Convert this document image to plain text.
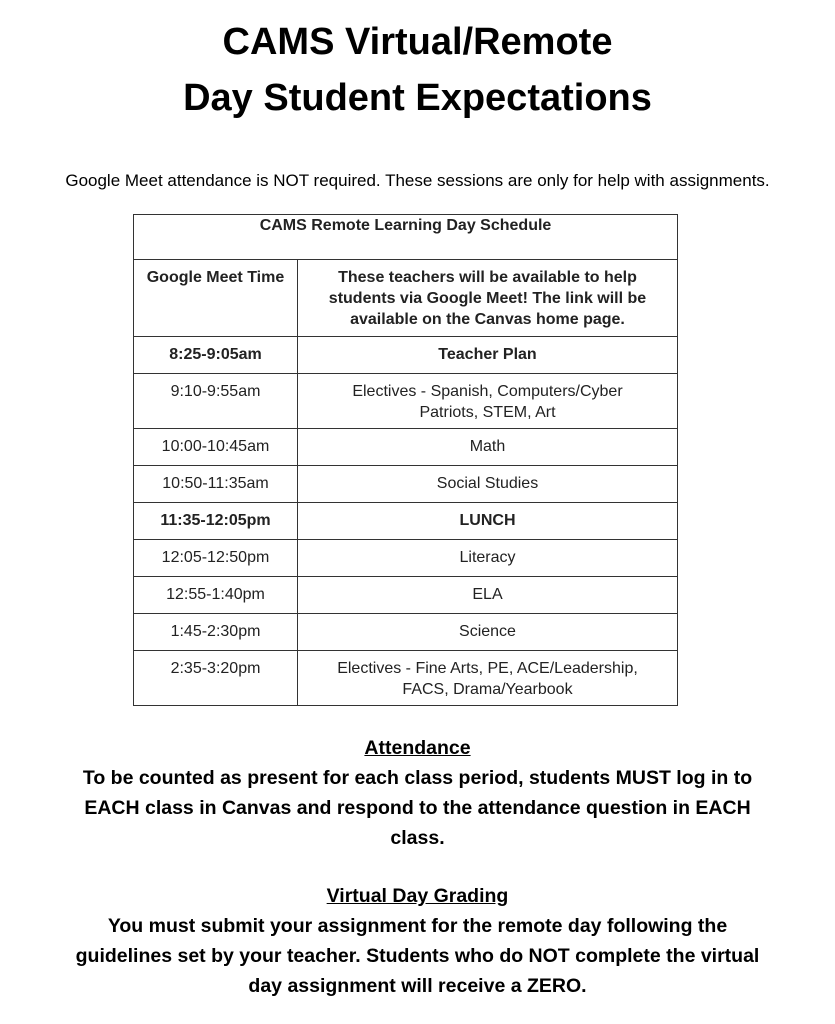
CAMS Virtual/Remote
Day Student Expectations
Google Meet attendance is NOT required. These sessions are only for help with assignments.
CAMS Remote Learning Day Schedule	

Google Meet Time	These teachers will be available to help
students via Google Meet! The link will be
available on the Canvas home page.

8:25-9:05am	Teacher Plan

9:10-9:55am	Electives - Spanish, Computers/Cyber
Patriots, STEM, Art

10:00-10:45am	Math

10:50-11:35am	Social Studies

11:35-12:05pm	LUNCH

12:05-12:50pm	Literacy

12:55-1:40pm	ELA

1:45-2:30pm	Science

2:35-3:20pm	Electives - Fine Arts, PE, ACE/Leadership,
FACS, Drama/Yearbook
Attendance
To be counted as present for each class period, students MUST log in to
EACH class in Canvas and respond to the attendance question in EACH
class.
Virtual Day Grading
You must submit your assignment for the remote day following the
guidelines set by your teacher. Students who do NOT complete the virtual
day assignment will receive a ZERO.
